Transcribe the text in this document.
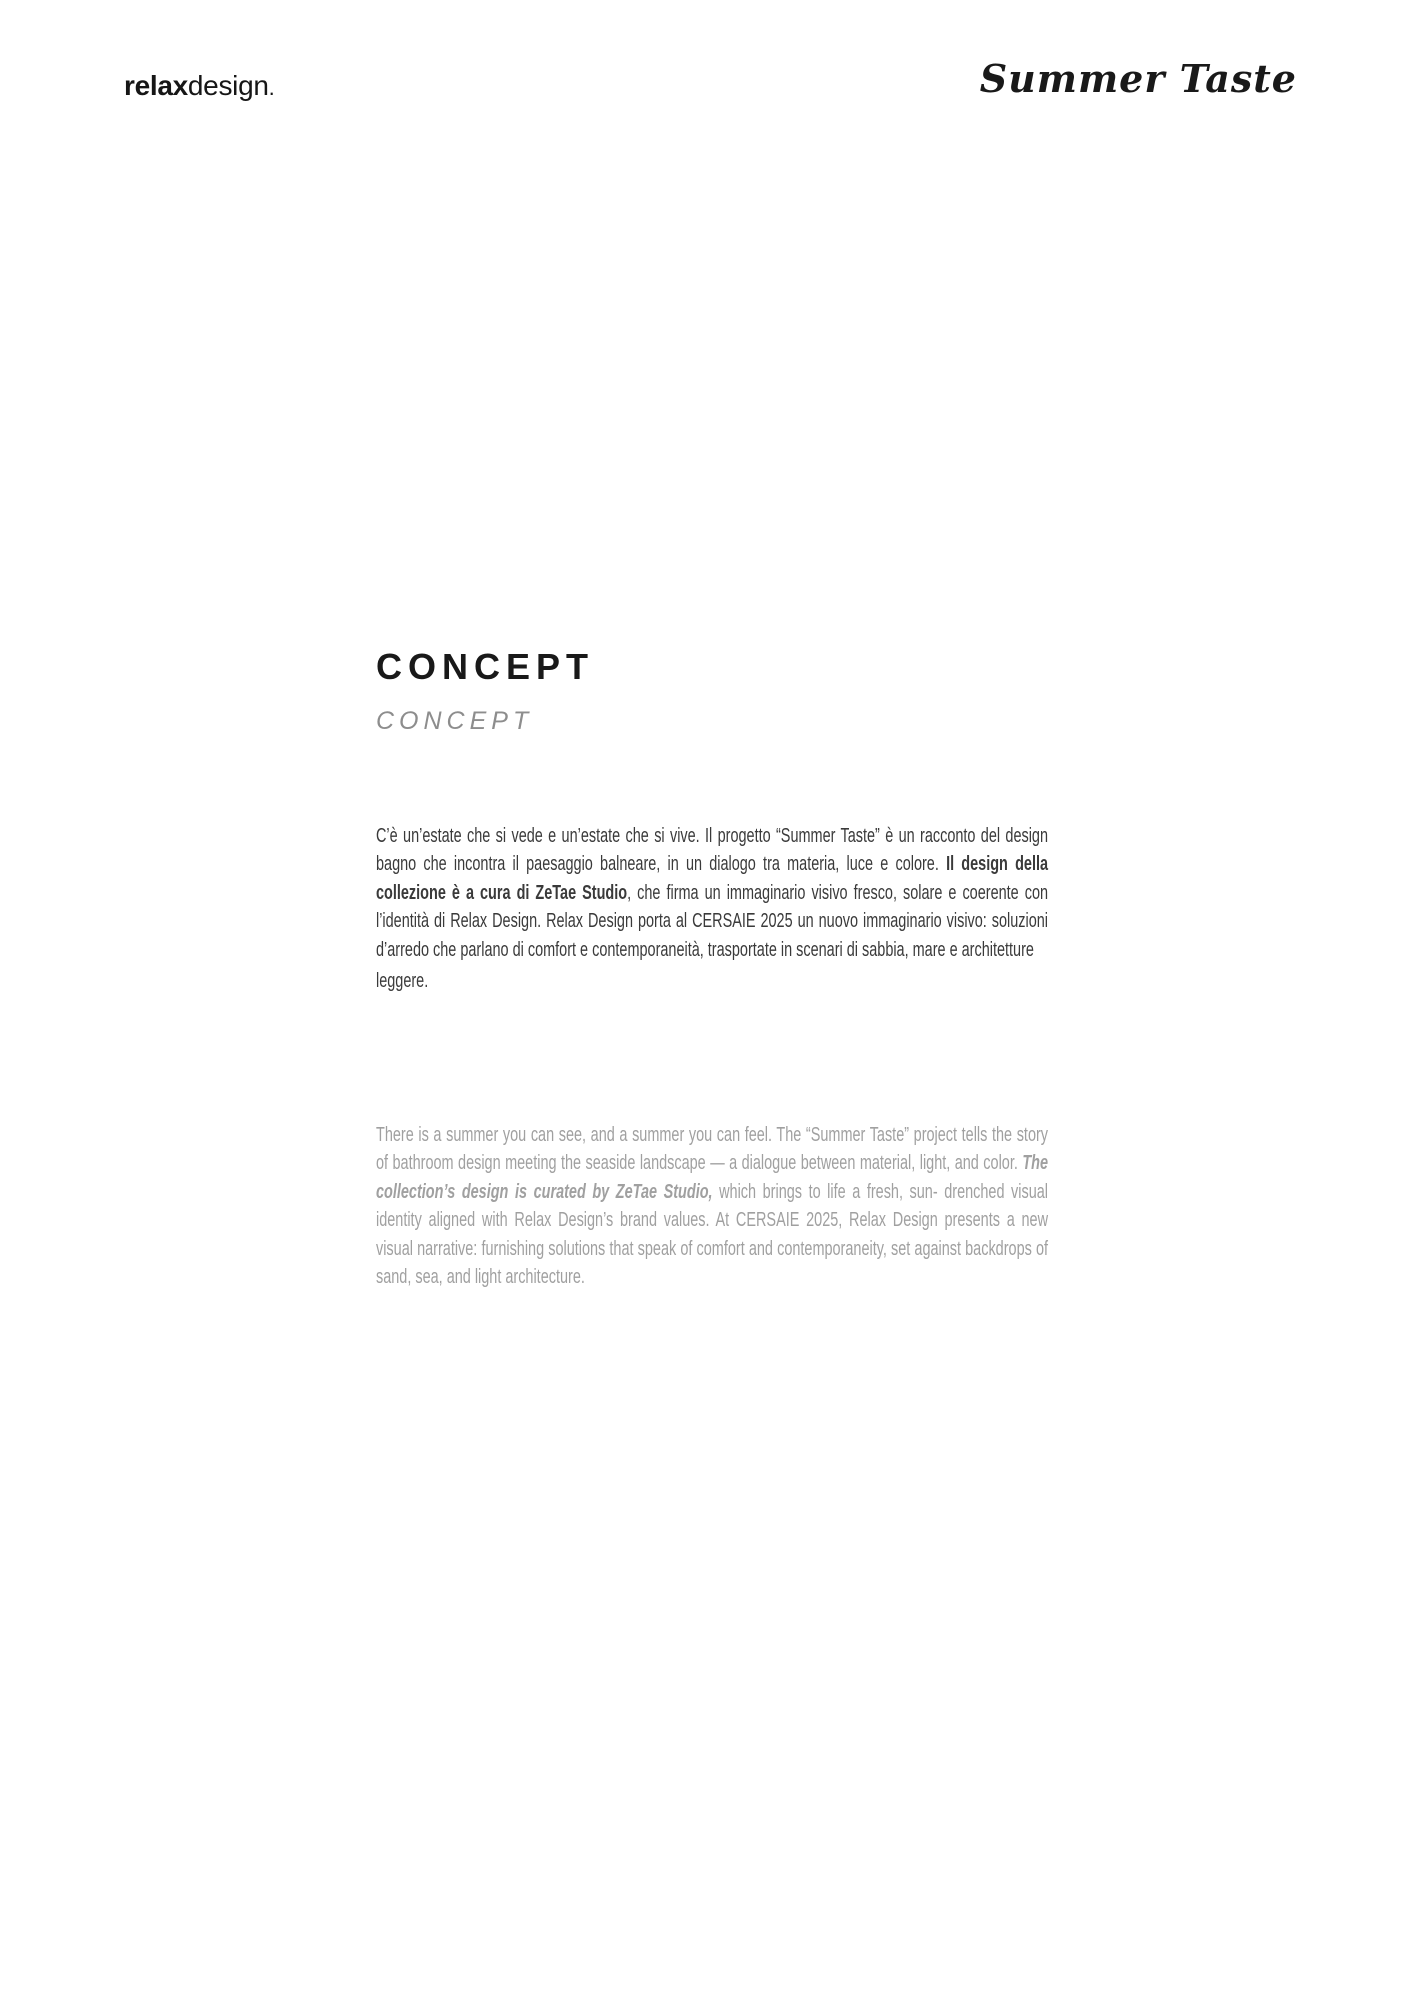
relaxdesign.	Summer Taste
CONCEPT
CONCEPT

C’è un’estate che si vede e un’estate che si vive. Il progetto “Summer Taste” è un racconto del design bagno che incontra il paesaggio balneare, in un dialogo tra materia, luce e colore. Il design della collezione è a cura di ZeTae Studio, che firma un immaginario visivo fresco, solare e coerente con l’identità di Relax Design. Relax Design porta al CERSAIE 2025 un nuovo immaginario visivo: soluzioni d’arredo che parlano di comfort e contemporaneità, trasportate in scenari di sabbia, mare e architetture

leggere.

There is a summer you can see, and a summer you can feel. The “Summer Taste” project tells the story of bathroom design meeting the seaside landscape — a dialogue between material, light, and color. The collection’s design is curated by ZeTae Studio, which brings to life a fresh, sun- drenched visual identity aligned with Relax Design’s brand values. At CERSAIE 2025, Relax Design presents a new visual narrative: furnishing solutions that speak of comfort and contemporaneity, set against backdrops of sand, sea, and light architecture.
